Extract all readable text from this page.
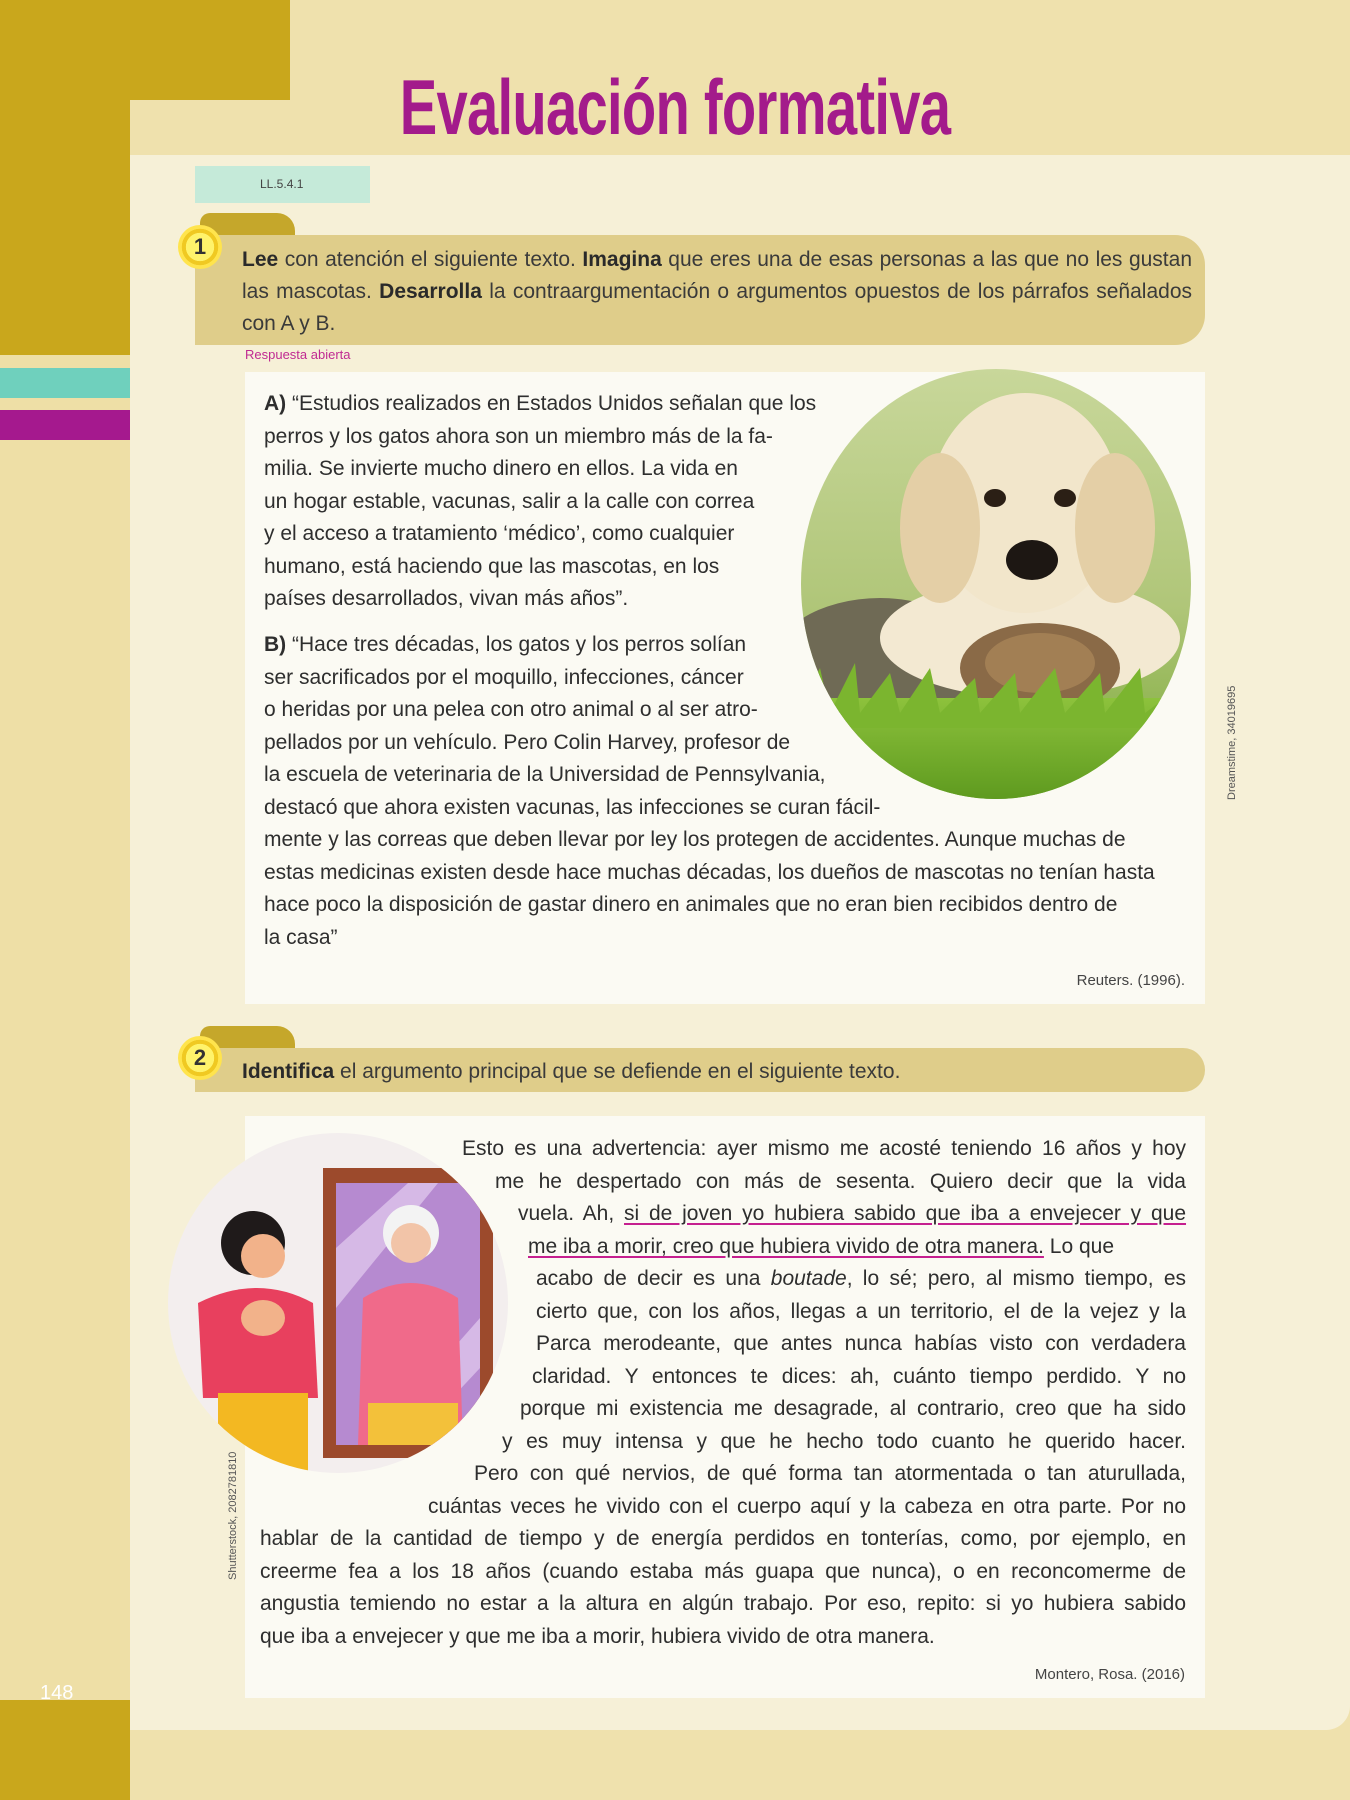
148
Evaluación formativa
LL.5.4.1
1
Lee con atención el siguiente texto. Imagina que eres una de esas personas a las que no les gustan las mascotas. Desarrolla la contraargumentación o argumentos opuestos de los párrafos señalados con A y B.
Respuesta abierta
Dreamstime, 34019695
A) “Estudios realizados en Estados Unidos señalan que los
perros y los gatos ahora son un miembro más de la fa-
milia. Se invierte mucho dinero en ellos. La vida en
un hogar estable, vacunas, salir a la calle con correa
y el acceso a tratamiento ‘médico’, como cualquier
humano, está haciendo que las mascotas, en los
países desarrollados, vivan más años”.
B) “Hace tres décadas, los gatos y los perros solían
ser sacrificados por el moquillo, infecciones, cáncer
o heridas por una pelea con otro animal o al ser atro-
pellados por un vehículo. Pero Colin Harvey, profesor de
la escuela de veterinaria de la Universidad de Pennsylvania,
destacó que ahora existen vacunas, las infecciones se curan fácil-
mente y las correas que deben llevar por ley los protegen de accidentes. Aunque muchas de
estas medicinas existen desde hace muchas décadas, los dueños de mascotas no tenían hasta
hace poco la disposición de gastar dinero en animales que no eran bien recibidos dentro de
la casa”
Reuters. (1996).
2
Identifica el argumento principal que se defiende en el siguiente texto.
Shutterstock, 2082781810
Esto es una advertencia: ayer mismo me acosté teniendo 16 años y hoy
me he despertado con más de sesenta. Quiero decir que la vida
vuela. Ah, si de joven yo hubiera sabido que iba a envejecer y que
me iba a morir, creo que hubiera vivido de otra manera. Lo que
acabo de decir es una boutade, lo sé; pero, al mismo tiempo, es
cierto que, con los años, llegas a un territorio, el de la vejez y la
Parca merodeante, que antes nunca habías visto con verdadera
claridad. Y entonces te dices: ah, cuánto tiempo perdido. Y no
porque mi existencia me desagrade, al contrario, creo que ha sido
y es muy intensa y que he hecho todo cuanto he querido hacer.
Pero con qué nervios, de qué forma tan atormentada o tan aturullada,
cuántas veces he vivido con el cuerpo aquí y la cabeza en otra parte. Por no
hablar de la cantidad de tiempo y de energía perdidos en tonterías, como, por ejemplo, en
creerme fea a los 18 años (cuando estaba más guapa que nunca), o en reconcomerme de
angustia temiendo no estar a la altura en algún trabajo. Por eso, repito: si yo hubiera sabido
que iba a envejecer y que me iba a morir, hubiera vivido de otra manera.
Montero, Rosa. (2016)
